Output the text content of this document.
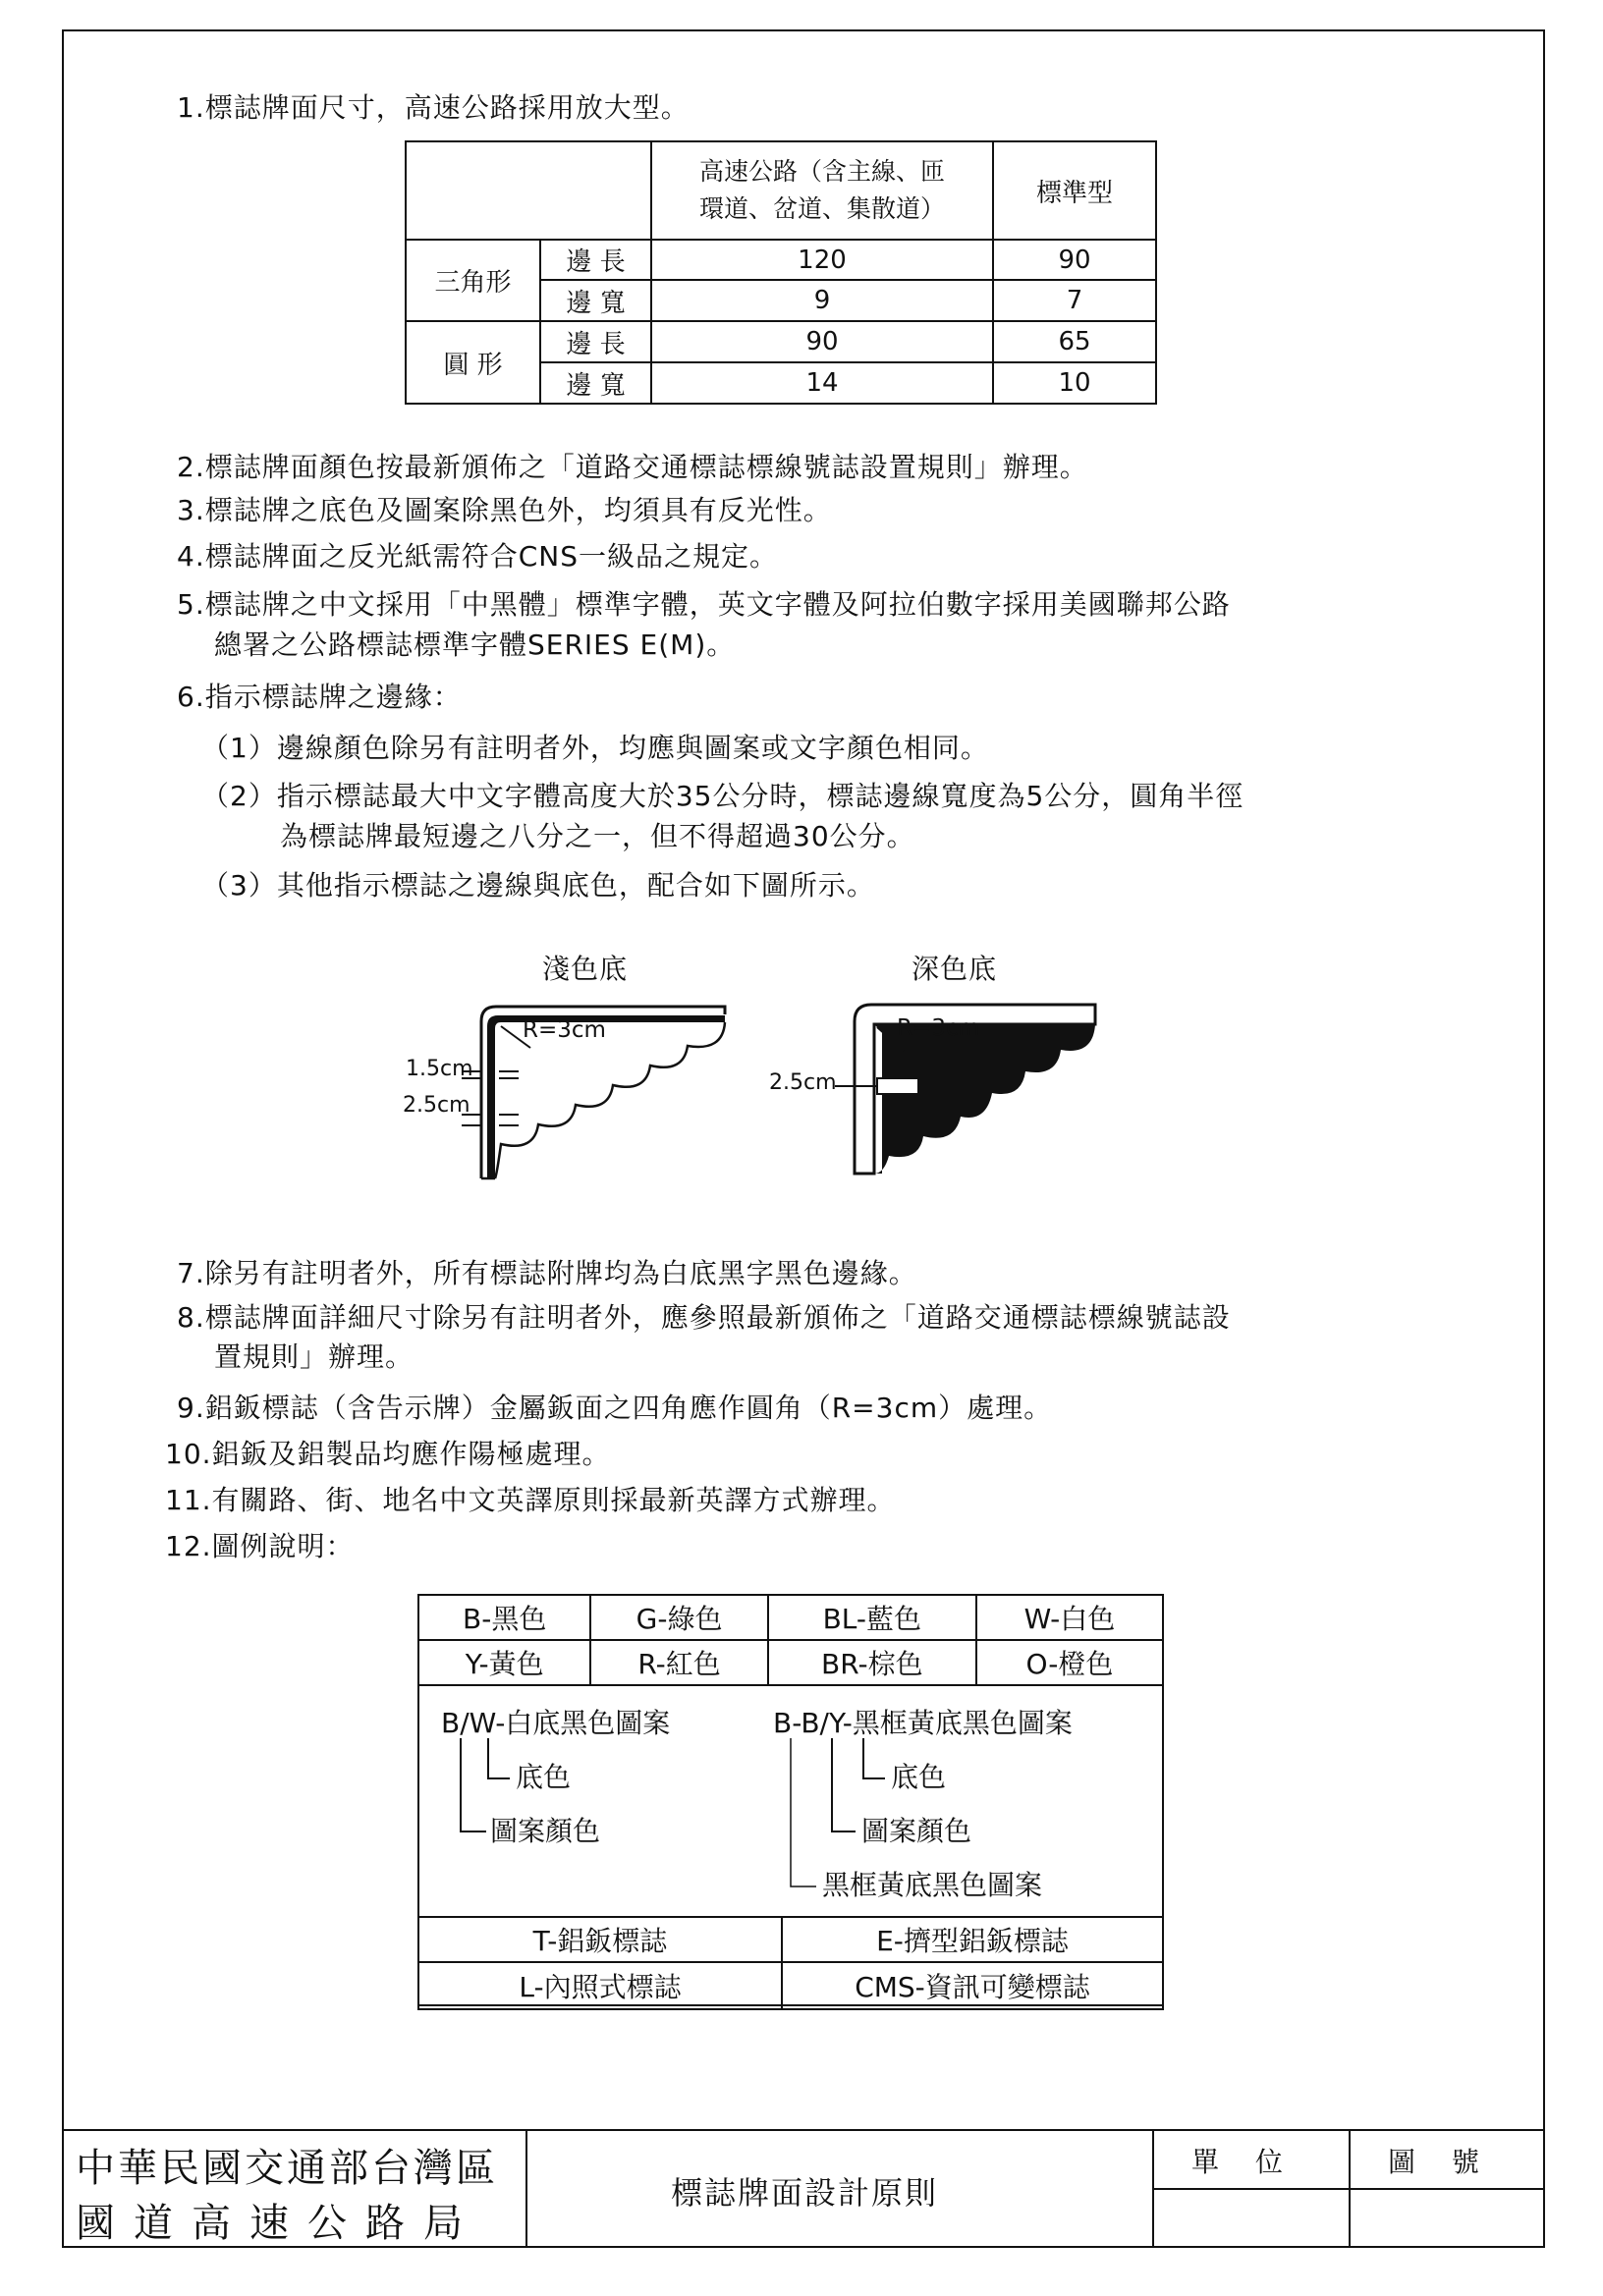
1.標誌牌面尺寸，高速公路採用放大型。

		高速公路（含主線、匝
環道、岔道、集散道）	標準型
三角形	邊 長	120	90
	邊 寬	9	7
圓 形	邊 長	90	65
	邊 寬	14	10
2.標誌牌面顏色按最新頒佈之「道路交通標誌標線號誌設置規則」辦理。
3.標誌牌之底色及圖案除黑色外，均須具有反光性。
4.標誌牌面之反光紙需符合CNS一級品之規定。
5.標誌牌之中文採用「中黑體」標準字體，英文字體及阿拉伯數字採用美國聯邦公路
總署之公路標誌標準字體SERIES E(M)。
6.指示標誌牌之邊緣：
（1）邊線顏色除另有註明者外，均應與圖案或文字顏色相同。
（2）指示標誌最大中文字體高度大於35公分時，標誌邊線寬度為5公分，圓角半徑
為標誌牌最短邊之八分之一，但不得超過30公分。
（3）其他指示標誌之邊線與底色，配合如下圖所示。
淺色底	深色底
R=3cm
1.5cm
2.5cm
R=3cm
2.5cm
7.除另有註明者外，所有標誌附牌均為白底黑字黑色邊緣。
8.標誌牌面詳細尺寸除另有註明者外，應參照最新頒佈之「道路交通標誌標線號誌設
置規則」辦理。
9.鋁鈑標誌（含告示牌）金屬鈑面之四角應作圓角（R=3cm）處理。
10.鋁鈑及鋁製品均應作陽極處理。
11.有關路、街、地名中文英譯原則採最新英譯方式辦理。
12.圖例說明：
B-黑色	G-綠色	BL-藍色	W-白色
Y-黃色	R-紅色	BR-棕色	O-橙色
B/W-白底黑色圖案
底色
圖案顏色
B-B/Y-黑框黃底黑色圖案
底色
圖案顏色
黑框黃底黑色圖案
T-鋁鈑標誌	E-擠型鋁鈑標誌
L-內照式標誌	CMS-資訊可變標誌
中華民國交通部台灣區
國道高速公路局
標誌牌面設計原則
單 位	圖 號
